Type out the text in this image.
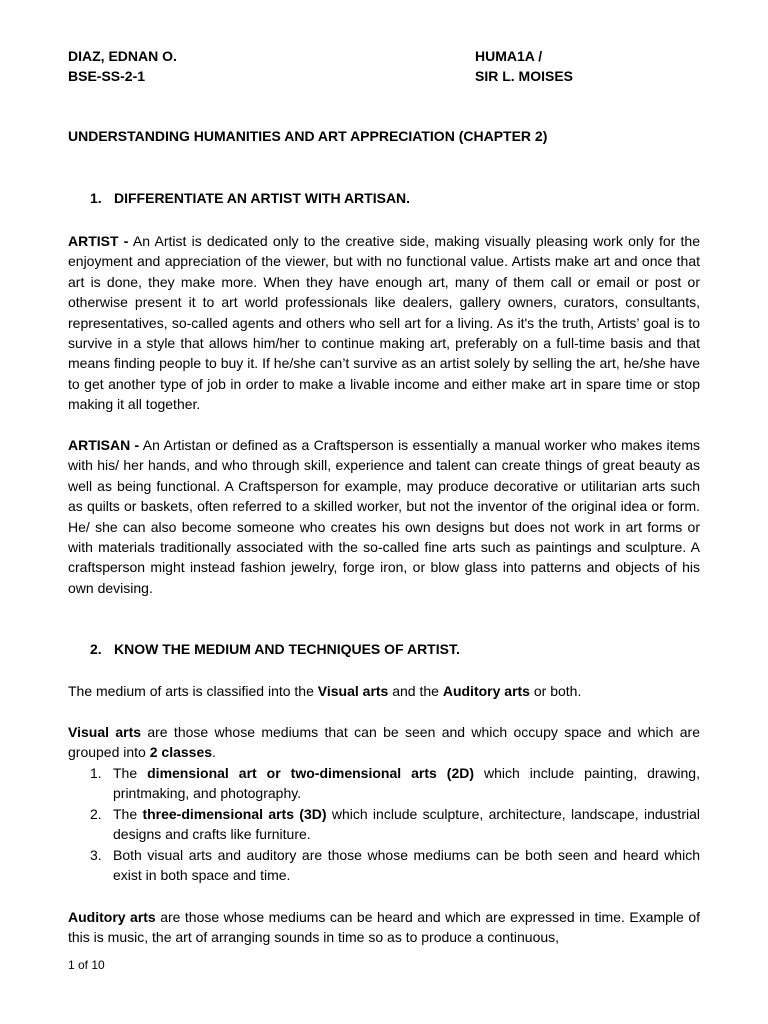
DIAZ, EDNAN O.
BSE-SS-2-1
HUMA1A /
SIR L. MOISES
UNDERSTANDING HUMANITIES AND ART APPRECIATION (CHAPTER 2)
1. DIFFERENTIATE AN ARTIST WITH ARTISAN.

ARTIST - An Artist is dedicated only to the creative side, making visually pleasing work only for the enjoyment and appreciation of the viewer, but with no functional value. Artists make art and once that art is done, they make more. When they have enough art, many of them call or email or post or otherwise present it to art world professionals like dealers, gallery owners, curators, consultants, representatives, so-called agents and others who sell art for a living. As it's the truth, Artists’ goal is to survive in a style that allows him/her to continue making art, preferably on a full-time basis and that means finding people to buy it. If he/she can’t survive as an artist solely by selling the art, he/she have to get another type of job in order to make a livable income and either make art in spare time or stop making it all together.

ARTISAN - An Artistan or defined as a Craftsperson is essentially a manual worker who makes items with his/ her hands, and who through skill, experience and talent can create things of great beauty as well as being functional. A Craftsperson for example, may produce decorative or utilitarian arts such as quilts or baskets, often referred to a skilled worker, but not the inventor of the original idea or form. He/ she can also become someone who creates his own designs but does not work in art forms or with materials traditionally associated with the so-called fine arts such as paintings and sculpture. A craftsperson might instead fashion jewelry, forge iron, or blow glass into patterns and objects of his own devising.

2. KNOW THE MEDIUM AND TECHNIQUES OF ARTIST.

The medium of arts is classified into the Visual arts and the Auditory arts or both.

Visual arts are those whose mediums that can be seen and which occupy space and which are grouped into 2 classes.

1. The dimensional art or two-dimensional arts (2D) which include painting, drawing, printmaking, and photography.
2. The three-dimensional arts (3D) which include sculpture, architecture, landscape, industrial designs and crafts like furniture.
3. Both visual arts and auditory are those whose mediums can be both seen and heard which exist in both space and time.

Auditory arts are those whose mediums can be heard and which are expressed in time. Example of this is music, the art of arranging sounds in time so as to produce a continuous,

1 of 10
